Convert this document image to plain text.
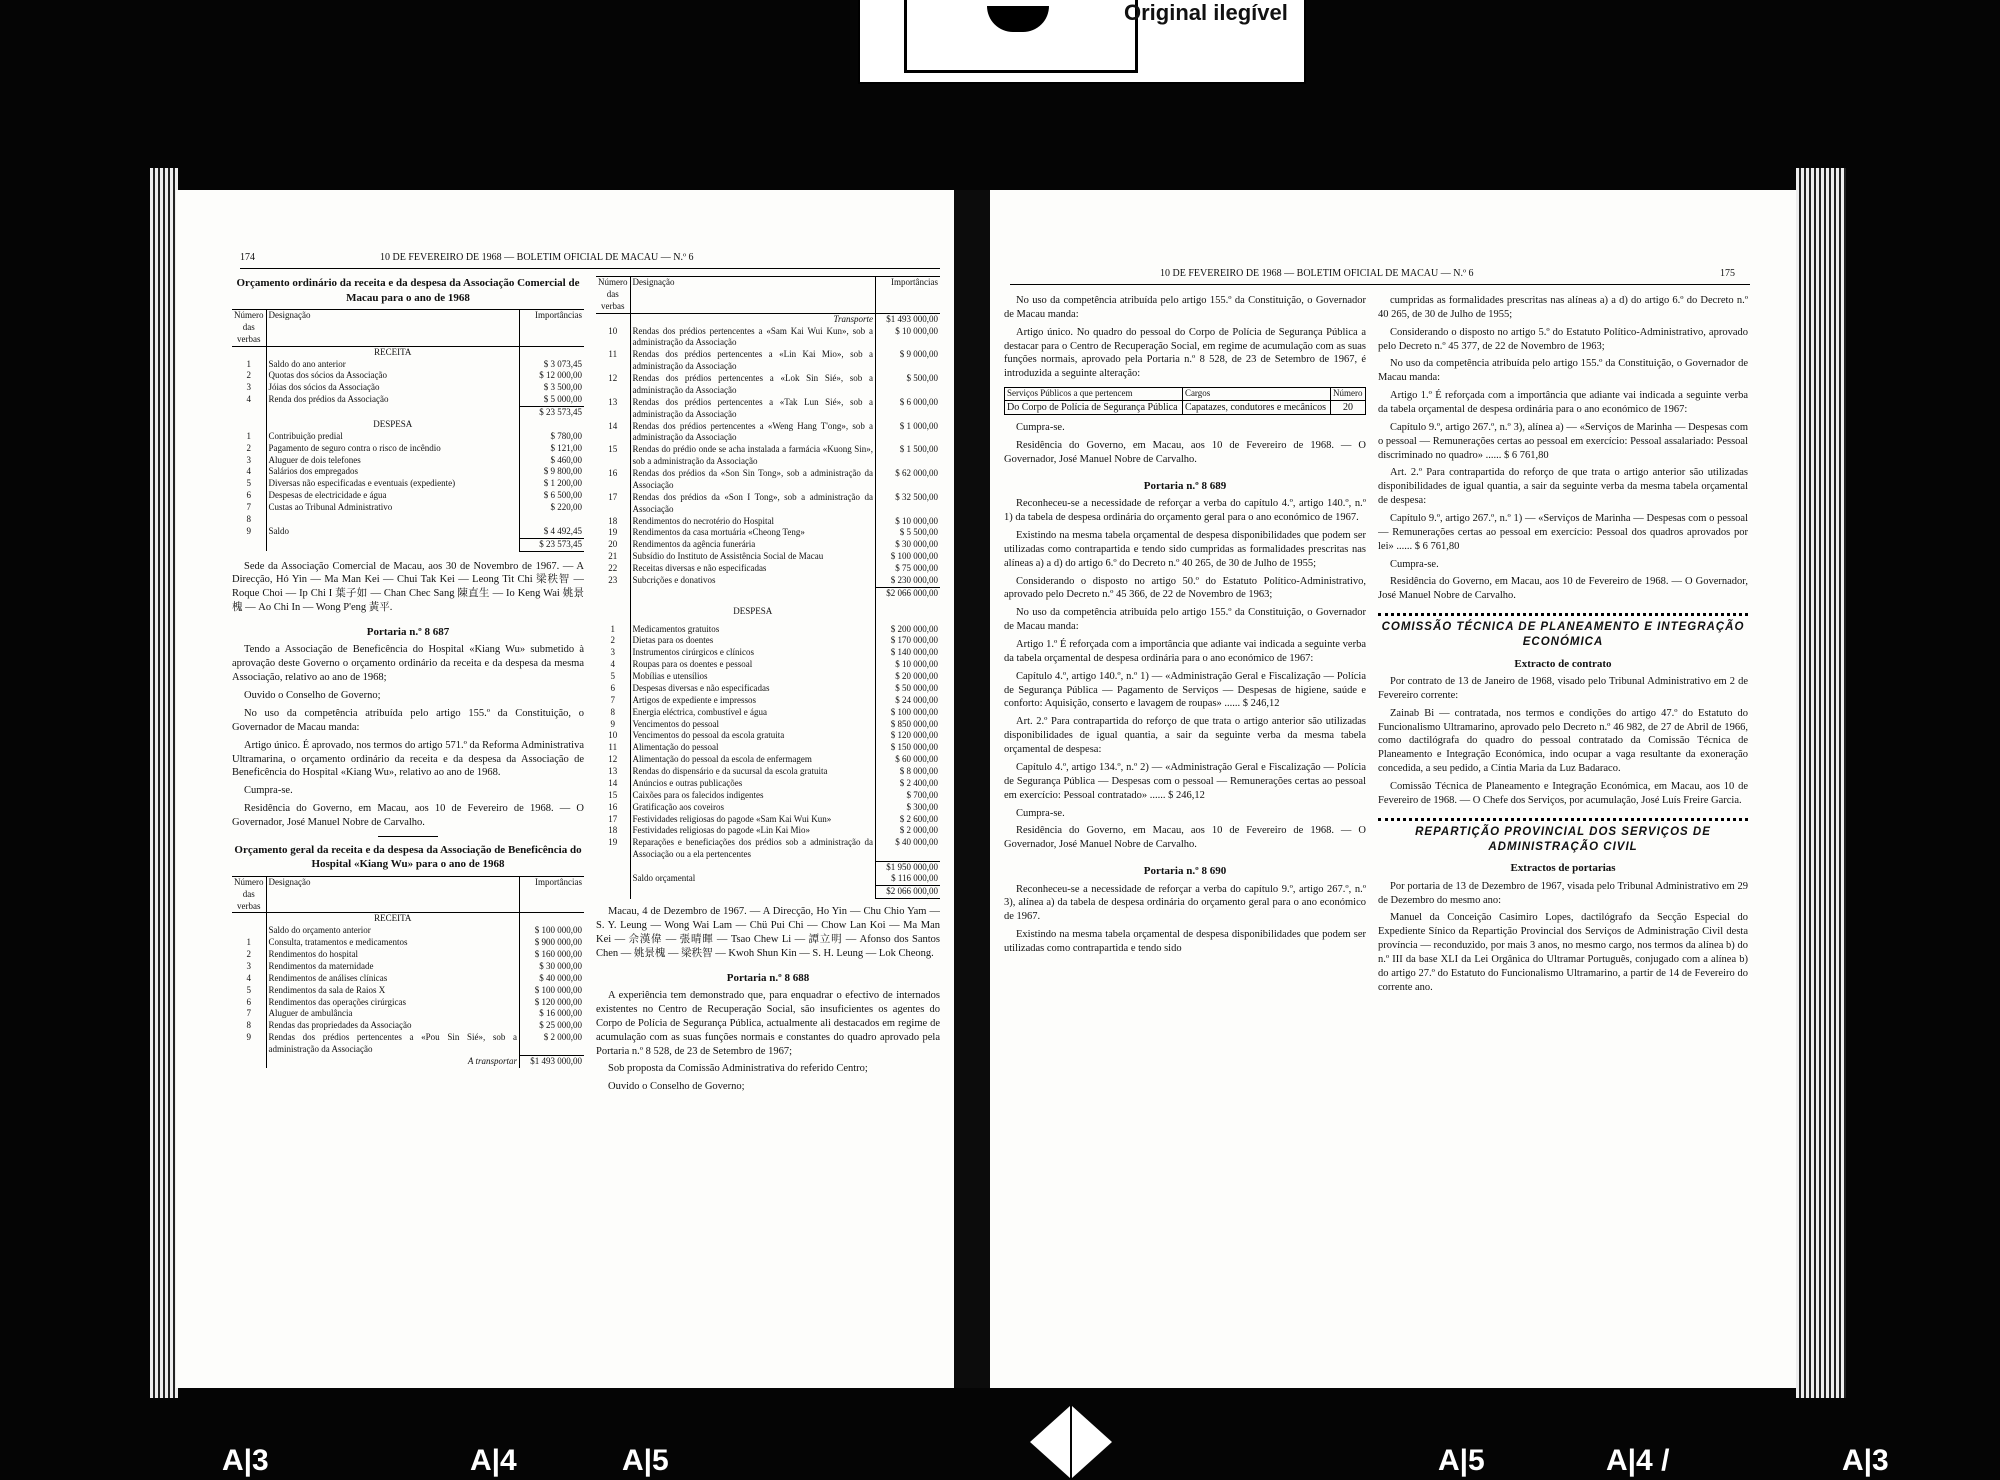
Original ilegível
174	10 DE FEVEREIRO DE 1968 — BOLETIM OFICIAL DE MACAU — N.º 6

Orçamento ordinário da receita e da despesa da Associação Comercial de Macau para o ano de 1968

Número das verbas	Designação	Importâncias
	RECEITA	
1	Saldo do ano anterior	$ 3 073,45
2	Quotas dos sócios da Associação	$ 12 000,00
3	Jóias dos sócios da Associação	$ 3 500,00
4	Renda dos prédios da Associação	$ 5 000,00
		$ 23 573,45
	DESPESA	
1	Contribuição predial	$ 780,00
2	Pagamento de seguro contra o risco de incêndio	$ 121,00
3	Aluguer de dois telefones	$ 460,00
4	Salários dos empregados	$ 9 800,00
5	Diversas não especificadas e eventuais (expediente)	$ 1 200,00
6	Despesas de electricidade e água	$ 6 500,00
7	Custas ao Tribunal Administrativo	$ 220,00
8		
9	Saldo	$ 4 492,45
		$ 23 573,45

Sede da Associação Comercial de Macau, aos 30 de Novembro de 1967. — A Direcção, Hó Yin — Ma Man Kei — Chui Tak Kei — Leong Tit Chi 梁秩智 — Roque Choi — Ip Chi I 葉子如 — Chan Chec Sang 陳直生 — Io Keng Wai 姚景槐 — Ao Chi In — Wong P'eng 黃平.

Portaria n.º 8 687

Tendo a Associação de Beneficência do Hospital «Kiang Wu» submetido à aprovação deste Governo o orçamento ordinário da receita e da despesa da mesma Associação, relativo ao ano de 1968;

Ouvido o Conselho de Governo;

No uso da competência atribuída pelo artigo 155.º da Constituição, o Governador de Macau manda:

Artigo único. É aprovado, nos termos do artigo 571.º da Reforma Administrativa Ultramarina, o orçamento ordinário da receita e da despesa da Associação de Beneficência do Hospital «Kiang Wu», relativo ao ano de 1968.

Cumpra-se.

Residência do Governo, em Macau, aos 10 de Fevereiro de 1968. — O Governador, José Manuel Nobre de Carvalho.

Orçamento geral da receita e da despesa da Associação de Beneficência do Hospital «Kiang Wu» para o ano de 1968

Número das verbas	Designação	Importâncias
	RECEITA	
	Saldo do orçamento anterior	$ 100 000,00
1	Consulta, tratamentos e medicamentos	$ 900 000,00
2	Rendimentos do hospital	$ 160 000,00
3	Rendimentos da maternidade	$ 30 000,00
4	Rendimentos de análises clínicas	$ 40 000,00
5	Rendimentos da sala de Raios X	$ 100 000,00
6	Rendimentos das operações cirúrgicas	$ 120 000,00
7	Aluguer de ambulância	$ 16 000,00
8	Rendas das propriedades da Associação	$ 25 000,00
9	Rendas dos prédios pertencentes a «Pou Sin Sié», sob a administração da Associação	$ 2 000,00
	A transportar	$1 493 000,00
Número das verbas	Designação	Importâncias
	Transporte	$1 493 000,00
10	Rendas dos prédios pertencentes a «Sam Kai Wui Kun», sob a administração da Associação	$ 10 000,00
11	Rendas dos prédios pertencentes a «Lin Kai Mio», sob a administração da Associação	$ 9 000,00
12	Rendas dos prédios pertencentes a «Lok Sin Sié», sob a administração da Associação	$ 500,00
13	Rendas dos prédios pertencentes a «Tak Lun Sié», sob a administração da Associação	$ 6 000,00
14	Rendas dos prédios pertencentes a «Weng Hang T'ong», sob a administração da Associação	$ 1 000,00
15	Rendas do prédio onde se acha instalada a farmácia «Kuong Sin», sob a administração da Associação	$ 1 500,00
16	Rendas dos prédios da «Son Sin Tong», sob a administração da Associação	$ 62 000,00
17	Rendas dos prédios da «Son I Tong», sob a administração da Associação	$ 32 500,00
18	Rendimentos do necrotério do Hospital	$ 10 000,00
19	Rendimentos da casa mortuária «Cheong Teng»	$ 5 500,00
20	Rendimentos da agência funerária	$ 30 000,00
21	Subsídio do Instituto de Assistência Social de Macau	$ 100 000,00
22	Receitas diversas e não especificadas	$ 75 000,00
23	Subcrições e donativos	$ 230 000,00
		$2 066 000,00
	DESPESA	
1	Medicamentos gratuitos	$ 200 000,00
2	Dietas para os doentes	$ 170 000,00
3	Instrumentos cirúrgicos e clínicos	$ 140 000,00
4	Roupas para os doentes e pessoal	$ 10 000,00
5	Mobílias e utensílios	$ 20 000,00
6	Despesas diversas e não especificadas	$ 50 000,00
7	Artigos de expediente e impressos	$ 24 000,00
8	Energia eléctrica, combustível e água	$ 100 000,00
9	Vencimentos do pessoal	$ 850 000,00
10	Vencimentos do pessoal da escola gratuita	$ 120 000,00
11	Alimentação do pessoal	$ 150 000,00
12	Alimentação do pessoal da escola de enfermagem	$ 60 000,00
13	Rendas do dispensário e da sucursal da escola gratuita	$ 8 000,00
14	Anúncios e outras publicações	$ 2 400,00
15	Caixões para os falecidos indigentes	$ 700,00
16	Gratificação aos coveiros	$ 300,00
17	Festividades religiosas do pagode «Sam Kai Wui Kun»	$ 2 600,00
18	Festividades religiosas do pagode «Lin Kai Mio»	$ 2 000,00
19	Reparações e beneficiações dos prédios sob a administração da Associação ou a ela pertencentes	$ 40 000,00
		$1 950 000,00
	Saldo orçamental	$ 116 000,00
		$2 066 000,00

Macau, 4 de Dezembro de 1967. — A Direcção, Ho Yin — Chu Chio Yam — S. Y. Leung — Wong Wai Lam — Chü Pui Chi — Chow Lan Koi — Ma Man Kei — 佘漢偉 — 張晴暉 — Tsao Chew Li — 譚立明 — Afonso dos Santos Chen — 姚景槐 — 梁秩智 — Kwoh Shun Kin — S. H. Leung — Lok Cheong.

Portaria n.º 8 688

A experiência tem demonstrado que, para enquadrar o efectivo de internados existentes no Centro de Recuperação Social, são insuficientes os agentes do Corpo de Polícia de Segurança Pública, actualmente ali destacados em regime de acumulação com as suas funções normais e constantes do quadro aprovado pela Portaria n.º 8 528, de 23 de Setembro de 1967;

Sob proposta da Comissão Administrativa do referido Centro;

Ouvido o Conselho de Governo;

10 DE FEVEREIRO DE 1968 — BOLETIM OFICIAL DE MACAU — N.º 6	175

No uso da competência atribuída pelo artigo 155.º da Constituição, o Governador de Macau manda:

Artigo único. No quadro do pessoal do Corpo de Polícia de Segurança Pública a destacar para o Centro de Recuperação Social, em regime de acumulação com as suas funções normais, aprovado pela Portaria n.º 8 528, de 23 de Setembro de 1967, é introduzida a seguinte alteração:

Serviços Públicos a que pertencem	Cargos	Número
Do Corpo de Polícia de Segurança Pública	Capatazes, condutores e mecânicos	20

Cumpra-se.

Residência do Governo, em Macau, aos 10 de Fevereiro de 1968. — O Governador, José Manuel Nobre de Carvalho.

Portaria n.º 8 689

Reconheceu-se a necessidade de reforçar a verba do capítulo 4.º, artigo 140.º, n.º 1) da tabela de despesa ordinária do orçamento geral para o ano económico de 1967.

Existindo na mesma tabela orçamental de despesa disponibilidades que podem ser utilizadas como contrapartida e tendo sido cumpridas as formalidades prescritas nas alíneas a) a d) do artigo 6.º do Decreto n.º 40 265, de 30 de Julho de 1955;

Considerando o disposto no artigo 50.º do Estatuto Político-Administrativo, aprovado pelo Decreto n.º 45 366, de 22 de Novembro de 1963;

No uso da competência atribuída pelo artigo 155.º da Constituição, o Governador de Macau manda:

Artigo 1.º É reforçada com a importância que adiante vai indicada a seguinte verba da tabela orçamental de despesa ordinária para o ano económico de 1967:

Capítulo 4.º, artigo 140.º, n.º 1) — «Administração Geral e Fiscalização — Polícia de Segurança Pública — Pagamento de Serviços — Despesas de higiene, saúde e conforto: Aquisição, conserto e lavagem de roupas» ...... $ 246,12

Art. 2.º Para contrapartida do reforço de que trata o artigo anterior são utilizadas disponibilidades de igual quantia, a sair da seguinte verba da mesma tabela orçamental de despesa:

Capítulo 4.º, artigo 134.º, n.º 2) — «Administração Geral e Fiscalização — Polícia de Segurança Pública — Despesas com o pessoal — Remunerações certas ao pessoal em exercício: Pessoal contratado» ...... $ 246,12

Cumpra-se.

Residência do Governo, em Macau, aos 10 de Fevereiro de 1968. — O Governador, José Manuel Nobre de Carvalho.

Portaria n.º 8 690

Reconheceu-se a necessidade de reforçar a verba do capítulo 9.º, artigo 267.º, n.º 3), alínea a) da tabela de despesa ordinária do orçamento geral para o ano económico de 1967.

Existindo na mesma tabela orçamental de despesa disponibilidades que podem ser utilizadas como contrapartida e tendo sido

cumpridas as formalidades prescritas nas alíneas a) a d) do artigo 6.º do Decreto n.º 40 265, de 30 de Julho de 1955;

Considerando o disposto no artigo 5.º do Estatuto Político-Administrativo, aprovado pelo Decreto n.º 45 377, de 22 de Novembro de 1963;

No uso da competência atribuída pelo artigo 155.º da Constituição, o Governador de Macau manda:

Artigo 1.º É reforçada com a importância que adiante vai indicada a seguinte verba da tabela orçamental de despesa ordinária para o ano económico de 1967:

Capítulo 9.º, artigo 267.º, n.º 3), alínea a) — «Serviços de Marinha — Despesas com o pessoal — Remunerações certas ao pessoal em exercício: Pessoal assalariado: Pessoal discriminado no quadro» ...... $ 6 761,80

Art. 2.º Para contrapartida do reforço de que trata o artigo anterior são utilizadas disponibilidades de igual quantia, a sair da seguinte verba da mesma tabela orçamental de despesa:

Capítulo 9.º, artigo 267.º, n.º 1) — «Serviços de Marinha — Despesas com o pessoal — Remunerações certas ao pessoal em exercício: Pessoal dos quadros aprovados por lei» ...... $ 6 761,80

Cumpra-se.

Residência do Governo, em Macau, aos 10 de Fevereiro de 1968. — O Governador, José Manuel Nobre de Carvalho.

COMISSÃO TÉCNICA DE PLANEAMENTO E INTEGRAÇÃO ECONÓMICA

Extracto de contrato

Por contrato de 13 de Janeiro de 1968, visado pelo Tribunal Administrativo em 2 de Fevereiro corrente:

Zainab Bi — contratada, nos termos e condições do artigo 47.º do Estatuto do Funcionalismo Ultramarino, aprovado pelo Decreto n.º 46 982, de 27 de Abril de 1966, como dactilógrafa do quadro do pessoal contratado da Comissão Técnica de Planeamento e Integração Económica, indo ocupar a vaga resultante da exoneração concedida, a seu pedido, a Cíntia Maria da Luz Badaraco.

Comissão Técnica de Planeamento e Integração Económica, em Macau, aos 10 de Fevereiro de 1968. — O Chefe dos Serviços, por acumulação, José Luís Freire Garcia.

REPARTIÇÃO PROVINCIAL DOS SERVIÇOS DE ADMINISTRAÇÃO CIVIL

Extractos de portarias

Por portaria de 13 de Dezembro de 1967, visada pelo Tribunal Administrativo em 29 de Dezembro do mesmo ano:

Manuel da Conceição Casimiro Lopes, dactilógrafo da Secção Especial do Expediente Sínico da Repartição Provincial dos Serviços de Administração Civil desta província — reconduzido, por mais 3 anos, no mesmo cargo, nos termos da alínea b) do n.º III da base XLI da Lei Orgânica do Ultramar Português, conjugado com a alínea b) do artigo 27.º do Estatuto do Funcionalismo Ultramarino, a partir de 14 de Fevereiro do corrente ano.

A|3	A|4	A|5	A|5	A|4 /	A|3
